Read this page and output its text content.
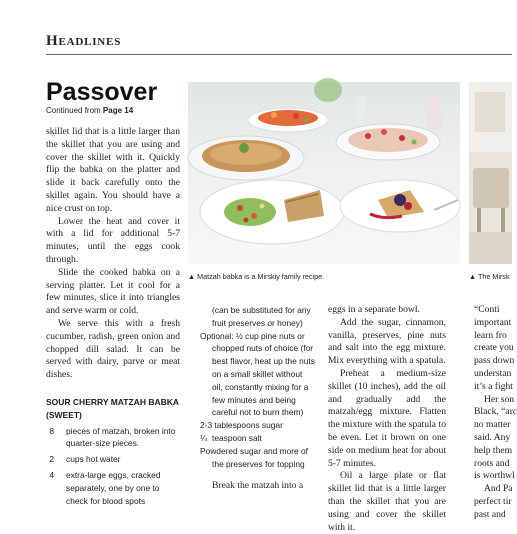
Headlines
Passover
Continued from Page 14

skillet lid that is a little larger than the skillet that you are using and cover the skillet with it. Quickly flip the babka on the platter and slide it back carefully onto the skillet again. You should have a nice crust on top.

Lower the heat and cover it with a lid for additional 5-7 minutes, until the eggs cook through.

Slide the cooked babka on a serving platter. Let it cool for a few minutes, slice it into triangles and serve warm or cold.

We serve this with a fresh cucumber, radish, green onion and chopped dill salad. It can be served with dairy, parve or meat dishes.

SOUR CHERRY MATZAH BABKA (SWEET)
8	pieces of matzah, broken into quarter-size pieces.
2	cups hot water
4	extra-large eggs, cracked separately, one by one to check for blood spots
▲ Matzah babka is a Mirskiy family recipe.	▲ The Mirsk
(can be substituted for any fruit preserves or honey)
Optional: ½ cup pine nuts or chopped nuts of choice (for best flavor, heat up the nuts on a small skillet without oil, constantly mixing for a few minutes and being careful not to burn them)
2-3 tablespoons sugar
¼ teaspoon salt
Powdered sugar and more of the preserves for topping

Break the matzah into a

eggs in a separate bowl.

Add the sugar, cinnamon, vanilla, preserves, pine nuts and salt into the egg mixture. Mix everything with a spatula.

Preheat a medium-size skillet (10 inches), add the oil and gradually add the matzah/egg mixture. Flatten the mixture with the spatula to be even. Let it brown on one side on medium heat for about 5-7 minutes.

Oil a large plate or flat skillet lid that is a little larger than the skillet that you are using and cover the skillet with it.

“Conti
important
learn fro
create you
pass down
understan
it’s a fight
Her son
Black, “arc
no matter
said. Any
help them
roots and
is worthwl
And Pa
perfect tir
past and
